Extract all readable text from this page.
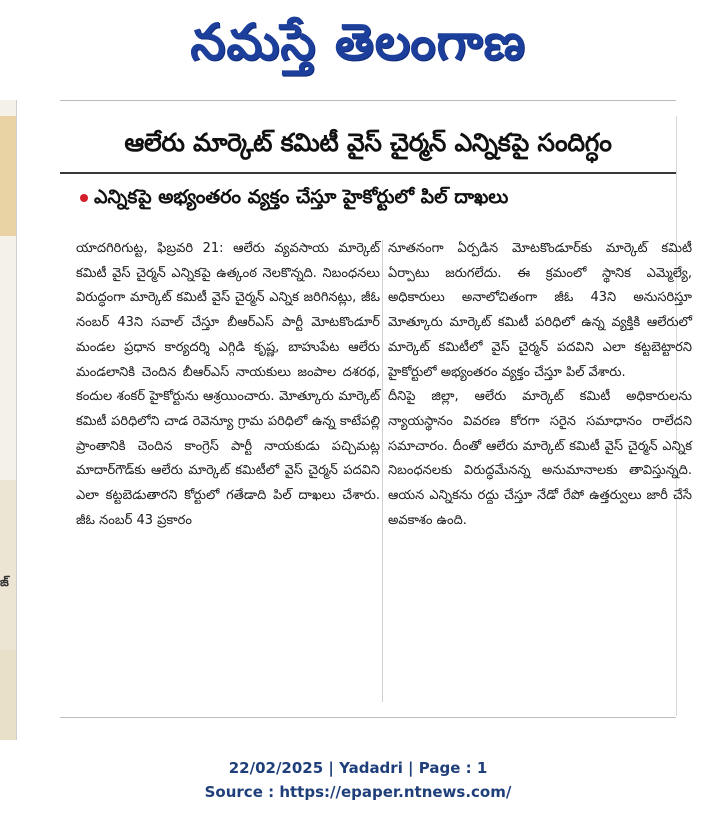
నమస్తే తెలంగాణ
జ్
ఆలేరు మార్కెట్ కమిటీ వైస్ చైర్మన్ ఎన్నికపై సందిగ్ధం
ఎన్నికపై అభ్యంతరం వ్యక్తం చేస్తూ హైకోర్టులో పిల్ దాఖలు

యాదగిరిగుట్ట, ఫిబ్రవరి 21: ఆలేరు వ్యవసాయ మార్కెట్ కమిటీ వైస్ చైర్మన్ ఎన్నికపై ఉత్కంఠ నెలకొన్నది. నిబంధనలు విరుద్ధంగా మార్కెట్ కమిటీ వైస్ చైర్మన్ ఎన్నిక జరిగినట్లు, జీఓ నంబర్ 43ని సవాల్ చేస్తూ బీఆర్ఎస్ పార్టీ మోటకొండూర్ మండల ప్రధాన కార్యదర్శి ఎగ్గిడి కృష్ణ, బాహుపేట ఆలేరు మండలానికి చెందిన బీఆర్ఎస్ నాయకులు జంపాల దశరథ, కందుల శంకర్ హైకోర్టును ఆశ్రయించారు. మోత్కూరు మార్కెట్ కమిటీ పరిధిలోని చాడ రెవెన్యూ గ్రామ పరిధిలో ఉన్న కాటేపల్లి ప్రాంతానికి చెందిన కాంగ్రెస్ పార్టీ నాయకుడు పచ్చిమట్ల మాదార్‌గౌడ్‌కు ఆలేరు మార్కెట్ కమిటీలో వైస్ చైర్మన్ పదవిని ఎలా కట్టబెడుతారని కోర్టులో గతేడాది పిల్ దాఖలు చేశారు. జీఓ నంబర్ 43 ప్రకారం

నూతనంగా ఏర్పడిన మోటకొండూర్‌కు మార్కెట్ కమిటీ ఏర్పాటు జరుగలేదు. ఈ క్రమంలో స్థానిక ఎమ్మెల్యే, అధికారులు అనాలోచితంగా జీఓ 43ని అనుసరిస్తూ మోత్కూరు మార్కెట్ కమిటీ పరిధిలో ఉన్న వ్యక్తికి ఆలేరులో మార్కెట్ కమిటీలో వైస్ చైర్మన్ పదవిని ఎలా కట్టబెట్టారని హైకోర్టులో అభ్యంతరం వ్యక్తం చేస్తూ పిల్ వేశారు.

దీనిపై జిల్లా, ఆలేరు మార్కెట్ కమిటీ అధికారులను న్యాయస్థానం వివరణ కోరగా సరైన సమాధానం రాలేదని సమాచారం. దీంతో ఆలేరు మార్కెట్ కమిటీ వైస్ చైర్మన్ ఎన్నిక నిబంధనలకు విరుద్ధమేనన్న అనుమానాలకు తావిస్తున్నది. ఆయన ఎన్నికను రద్దు చేస్తూ నేడో రేపో ఉత్తర్వులు జారీ చేసే అవకాశం ఉంది.

22/02/2025 | Yadadri | Page : 1
Source : https://epaper.ntnews.com/
